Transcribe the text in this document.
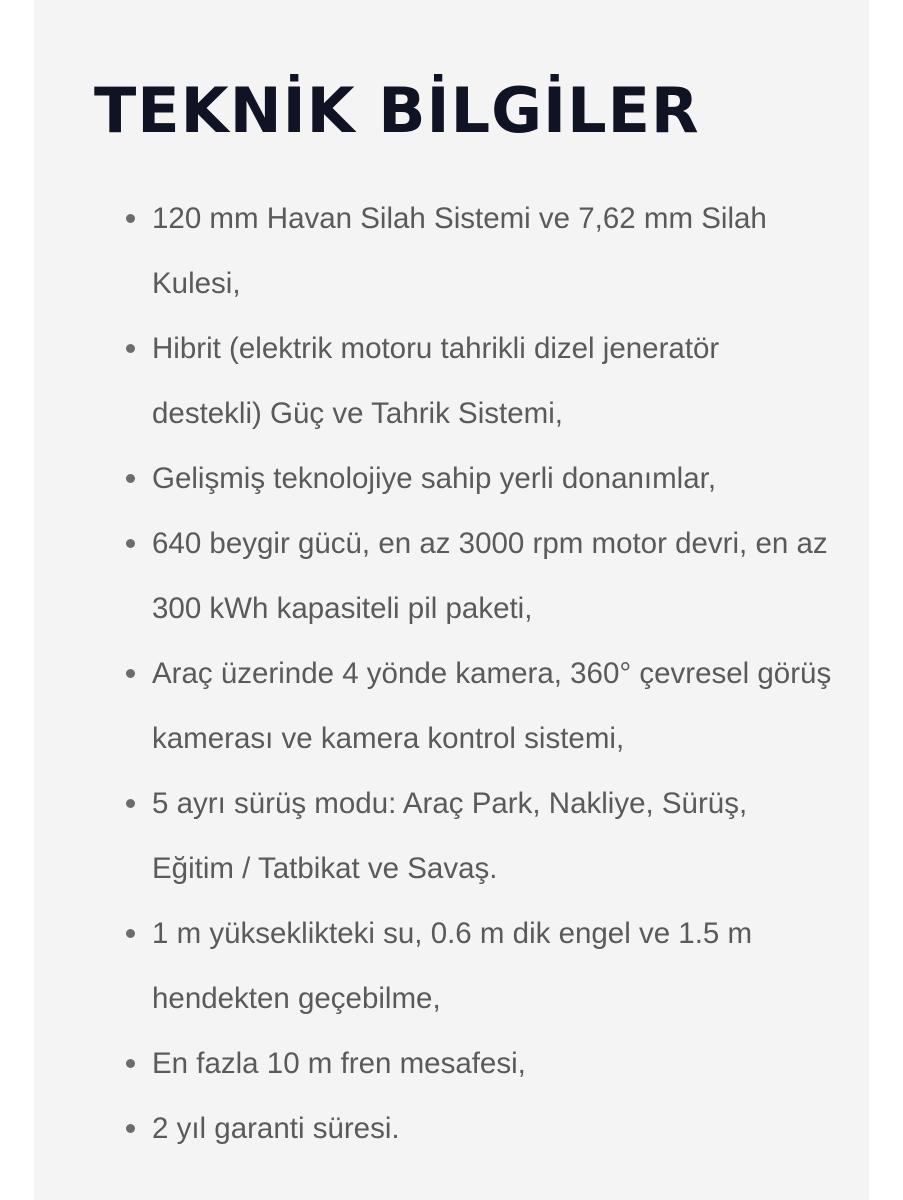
TEKNİK BİLGİLER
120 mm Havan Silah Sistemi ve 7,62 mm Silah Kulesi,
Hibrit (elektrik motoru tahrikli dizel jeneratör destekli) Güç ve Tahrik Sistemi,
Gelişmiş teknolojiye sahip yerli donanımlar,
640 beygir gücü, en az 3000 rpm motor devri, en az 300 kWh kapasiteli pil paketi,
Araç üzerinde 4 yönde kamera, 360° çevresel görüş kamerası ve kamera kontrol sistemi,
5 ayrı sürüş modu: Araç Park, Nakliye, Sürüş, Eğitim / Tatbikat ve Savaş.
1 m yükseklikteki su, 0.6 m dik engel ve 1.5 m hendekten geçebilme,
En fazla 10 m fren mesafesi,
2 yıl garanti süresi.
